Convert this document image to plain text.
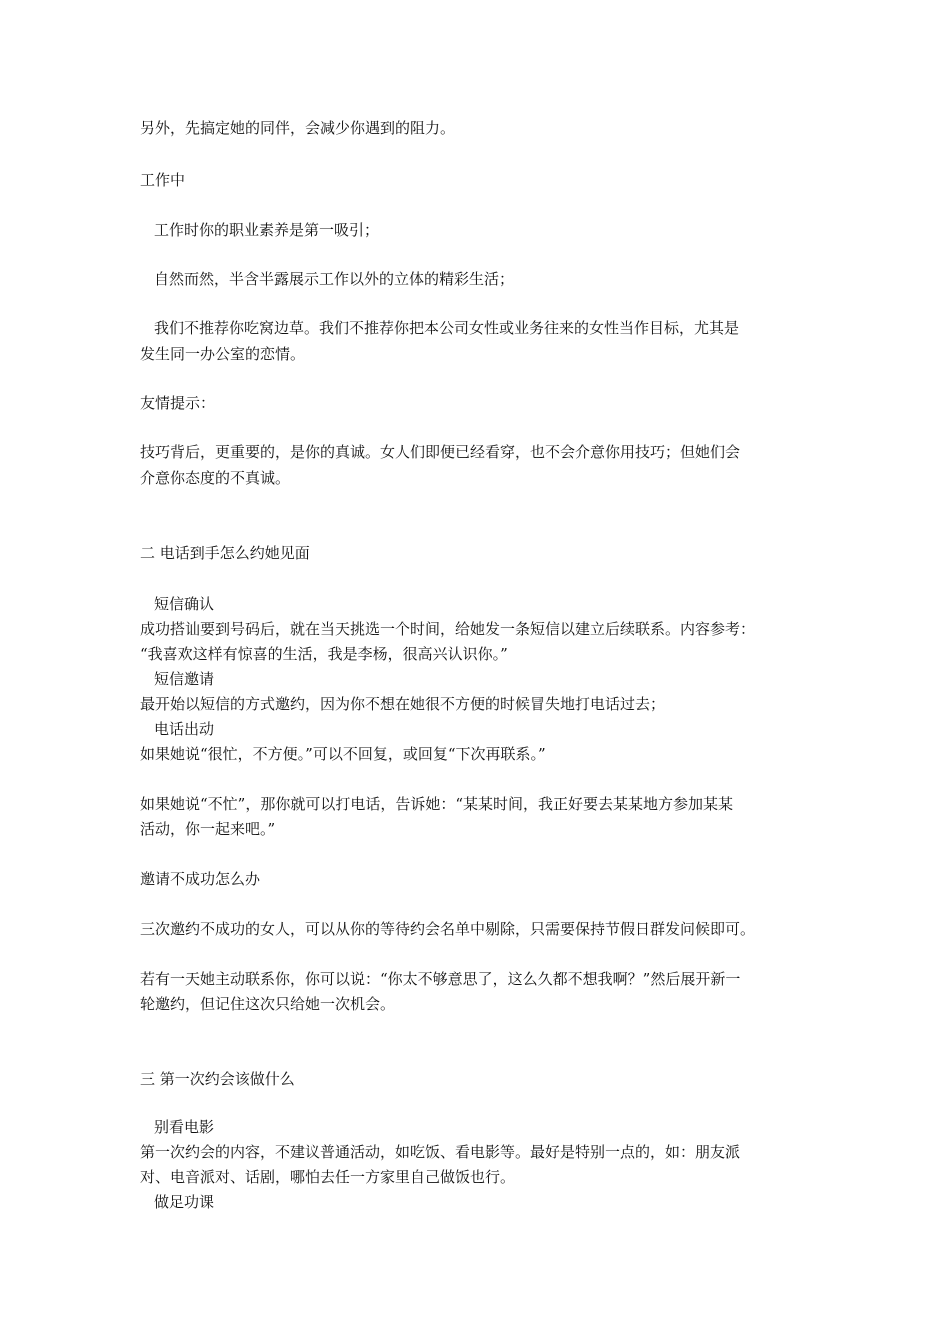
另外，先搞定她的同伴，会减少你遇到的阻力。
工作中
工作时你的职业素养是第一吸引；
自然而然，半含半露展示工作以外的立体的精彩生活；
我们不推荐你吃窝边草。我们不推荐你把本公司女性或业务往来的女性当作目标，尤其是
发生同一办公室的恋情。
友情提示：
技巧背后，更重要的，是你的真诚。女人们即便已经看穿，也不会介意你用技巧；但她们会
介意你态度的不真诚。
二 电话到手怎么约她见面
短信确认
成功搭讪要到号码后，就在当天挑选一个时间，给她发一条短信以建立后续联系。内容参考：
“我喜欢这样有惊喜的生活，我是李杨，很高兴认识你。”
短信邀请
最开始以短信的方式邀约，因为你不想在她很不方便的时候冒失地打电话过去；
电话出动
如果她说“很忙，不方便。”可以不回复，或回复“下次再联系。”
如果她说“不忙”，那你就可以打电话，告诉她：“某某时间，我正好要去某某地方参加某某
活动，你一起来吧。”
邀请不成功怎么办
三次邀约不成功的女人，可以从你的等待约会名单中剔除，只需要保持节假日群发问候即可。
若有一天她主动联系你，你可以说：“你太不够意思了，这么久都不想我啊？”然后展开新一
轮邀约，但记住这次只给她一次机会。
三 第一次约会该做什么
别看电影
第一次约会的内容，不建议普通活动，如吃饭、看电影等。最好是特别一点的，如：朋友派
对、电音派对、话剧，哪怕去任一方家里自己做饭也行。
做足功课
